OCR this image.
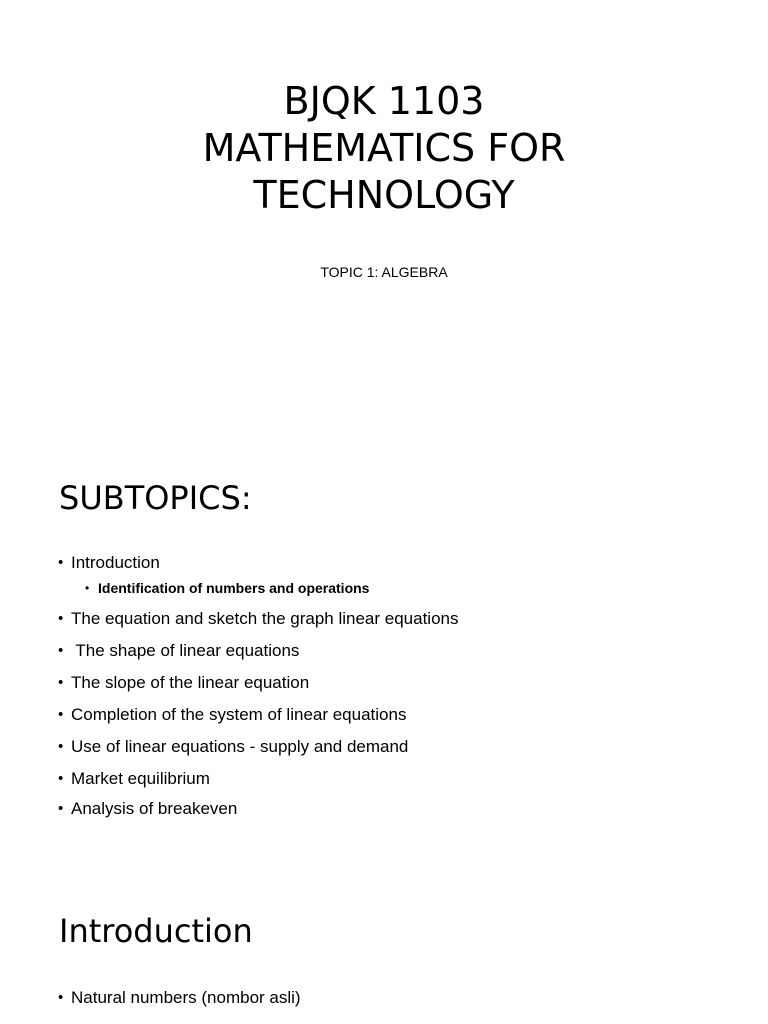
BJQK 1103
MATHEMATICS FOR
TECHNOLOGY
TOPIC 1: ALGEBRA
SUBTOPICS:
• Introduction
• Identification of numbers and operations
• The equation and sketch the graph linear equations
•  The shape of linear equations
• The slope of the linear equation
• Completion of the system of linear equations
• Use of linear equations - supply and demand
• Market equilibrium
• Analysis of breakeven
Introduction
• Natural numbers (nombor asli)
